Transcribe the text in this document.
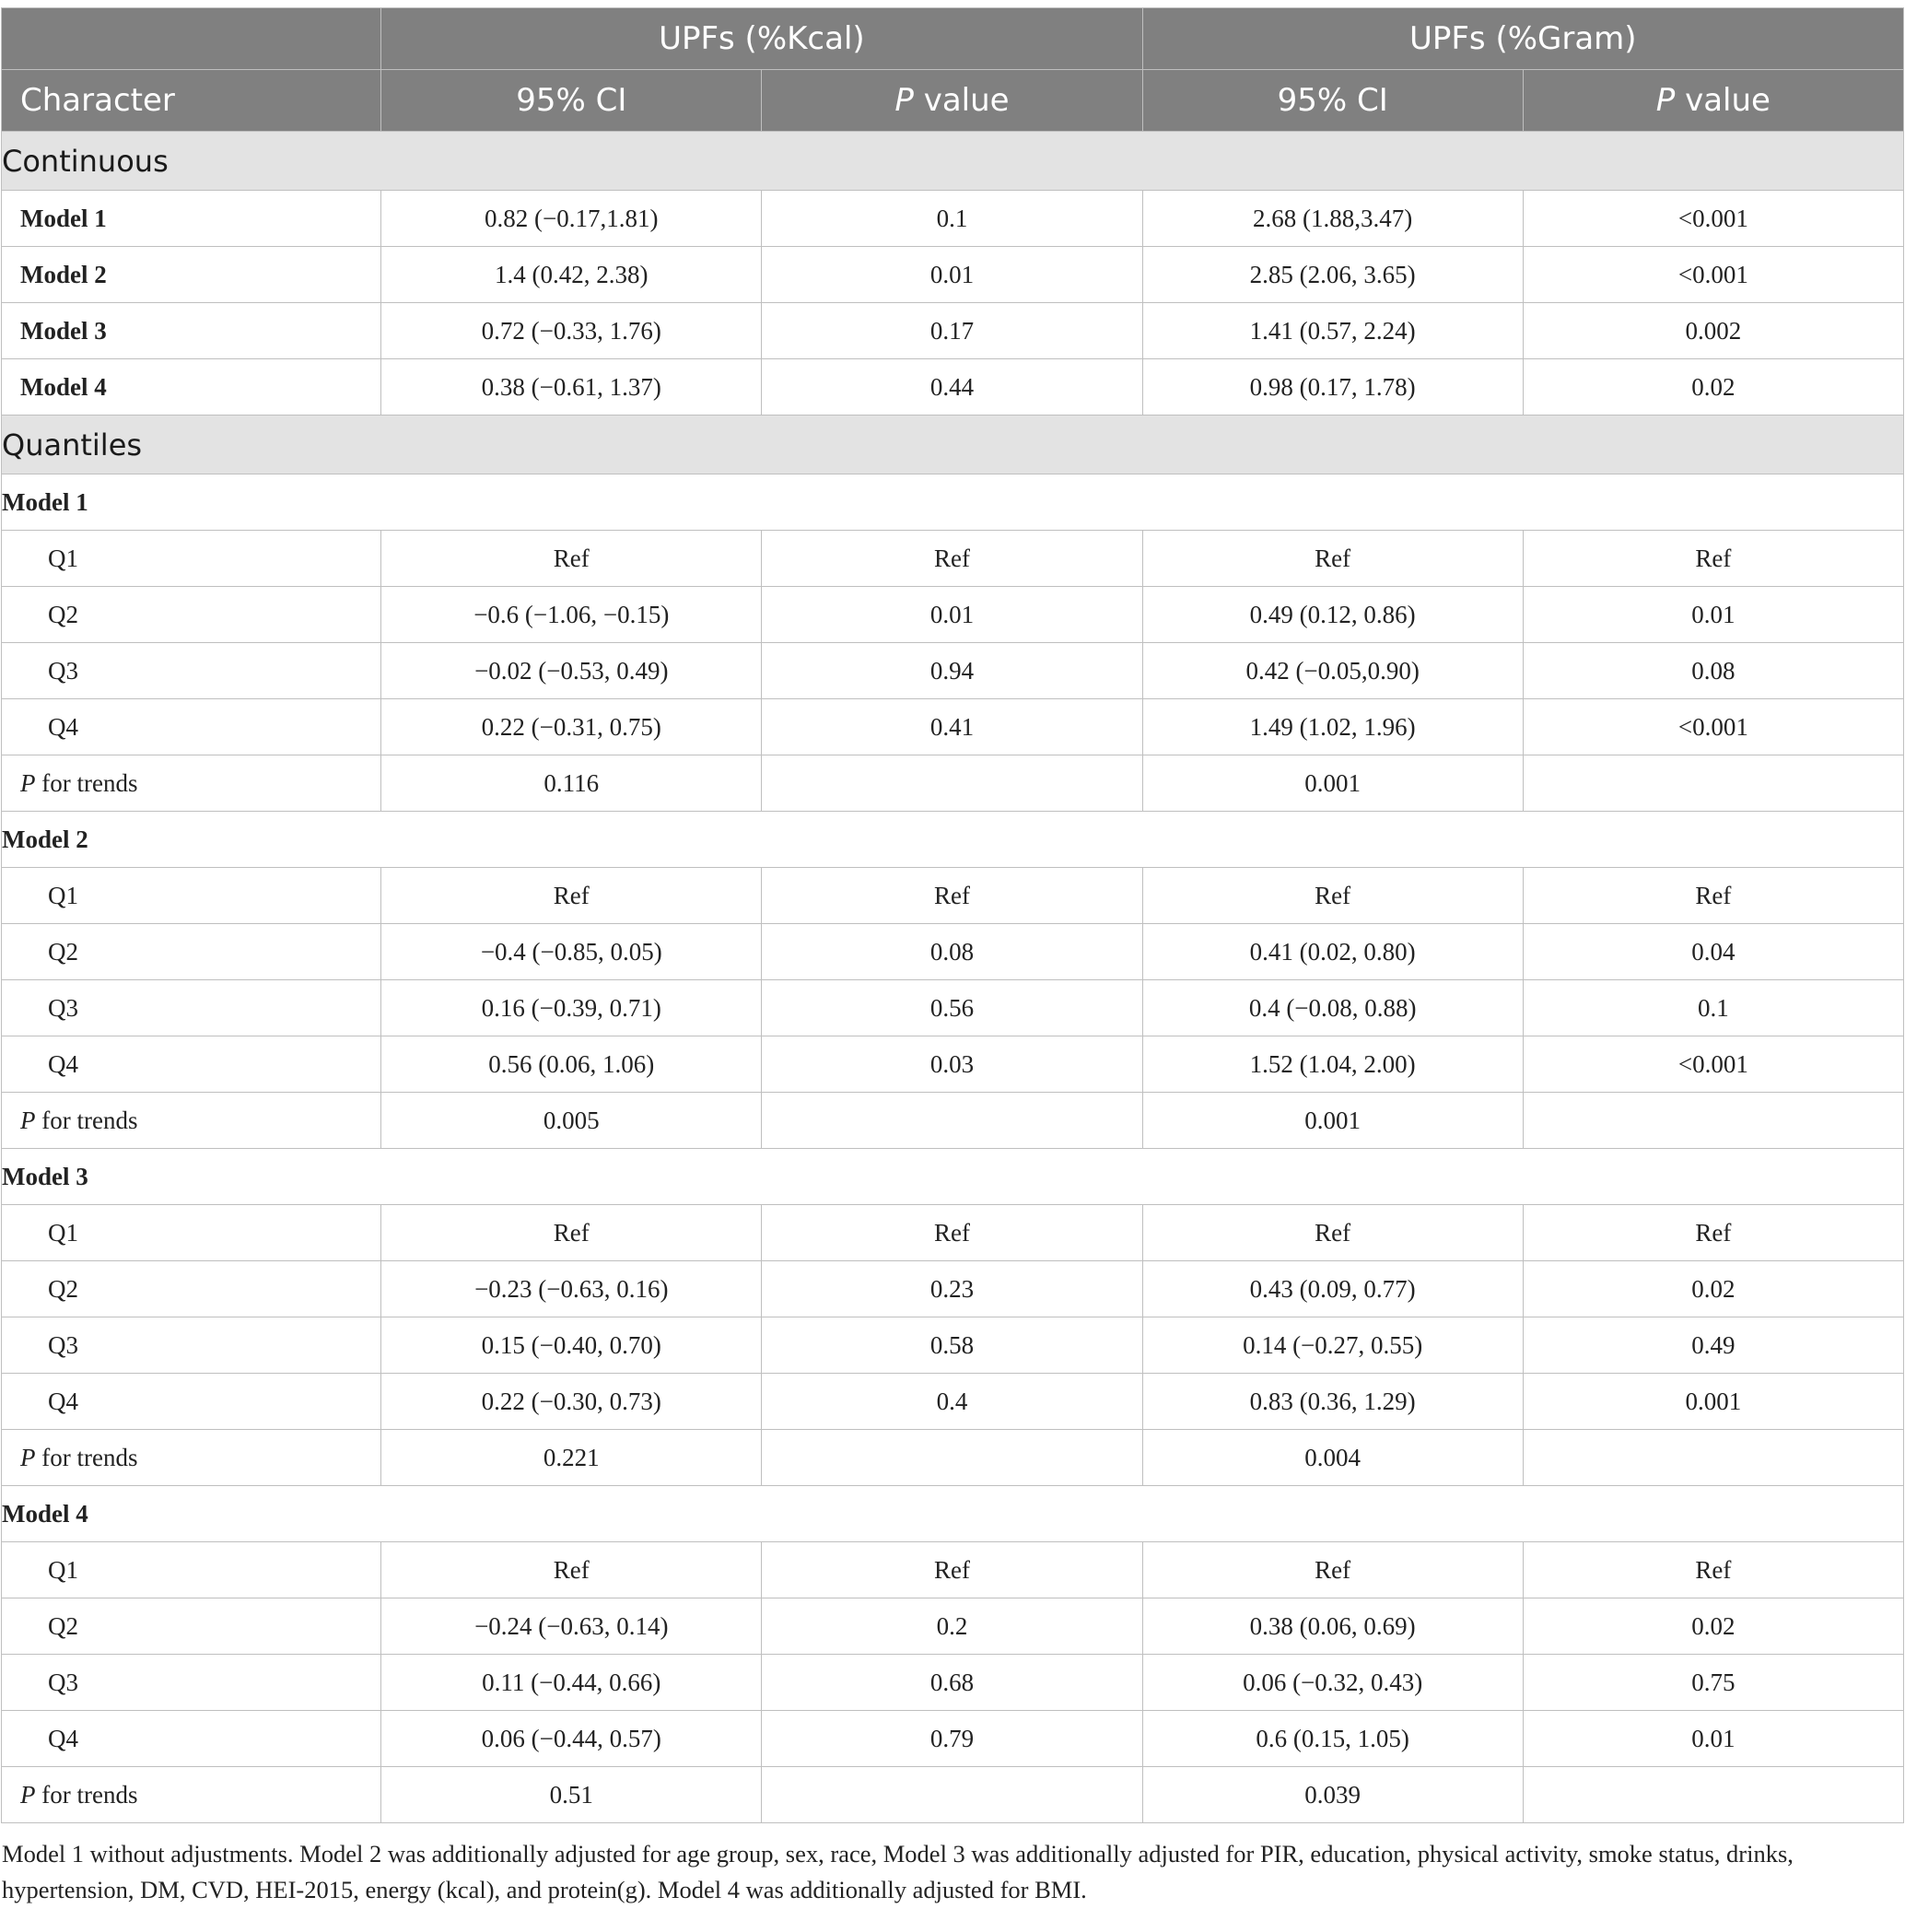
	UPFs (%Kcal)		UPFs (%Gram)	
Character	95% CI	P value	95% CI	P value
Continuous				
Model 1	0.82 (−0.17,1.81)	0.1	2.68 (1.88,3.47)	<0.001
Model 2	1.4 (0.42, 2.38)	0.01	2.85 (2.06, 3.65)	<0.001
Model 3	0.72 (−0.33, 1.76)	0.17	1.41 (0.57, 2.24)	0.002
Model 4	0.38 (−0.61, 1.37)	0.44	0.98 (0.17, 1.78)	0.02
Quantiles				
Model 1				
Q1	Ref	Ref	Ref	Ref
Q2	−0.6 (−1.06, −0.15)	0.01	0.49 (0.12, 0.86)	0.01
Q3	−0.02 (−0.53, 0.49)	0.94	0.42 (−0.05,0.90)	0.08
Q4	0.22 (−0.31, 0.75)	0.41	1.49 (1.02, 1.96)	<0.001
P for trends	0.116		0.001	
Model 2				
Q1	Ref	Ref	Ref	Ref
Q2	−0.4 (−0.85, 0.05)	0.08	0.41 (0.02, 0.80)	0.04
Q3	0.16 (−0.39, 0.71)	0.56	0.4 (−0.08, 0.88)	0.1
Q4	0.56 (0.06, 1.06)	0.03	1.52 (1.04, 2.00)	<0.001
P for trends	0.005		0.001	
Model 3				
Q1	Ref	Ref	Ref	Ref
Q2	−0.23 (−0.63, 0.16)	0.23	0.43 (0.09, 0.77)	0.02
Q3	0.15 (−0.40, 0.70)	0.58	0.14 (−0.27, 0.55)	0.49
Q4	0.22 (−0.30, 0.73)	0.4	0.83 (0.36, 1.29)	0.001
P for trends	0.221		0.004	
Model 4				
Q1	Ref	Ref	Ref	Ref
Q2	−0.24 (−0.63, 0.14)	0.2	0.38 (0.06, 0.69)	0.02
Q3	0.11 (−0.44, 0.66)	0.68	0.06 (−0.32, 0.43)	0.75
Q4	0.06 (−0.44, 0.57)	0.79	0.6 (0.15, 1.05)	0.01
P for trends	0.51		0.039	
Model 1 without adjustments. Model 2 was additionally adjusted for age group, sex, race, Model 3 was additionally adjusted for PIR, education, physical activity, smoke status, drinks, hypertension, DM, CVD, HEI-2015, energy (kcal), and protein(g). Model 4 was additionally adjusted for BMI.
